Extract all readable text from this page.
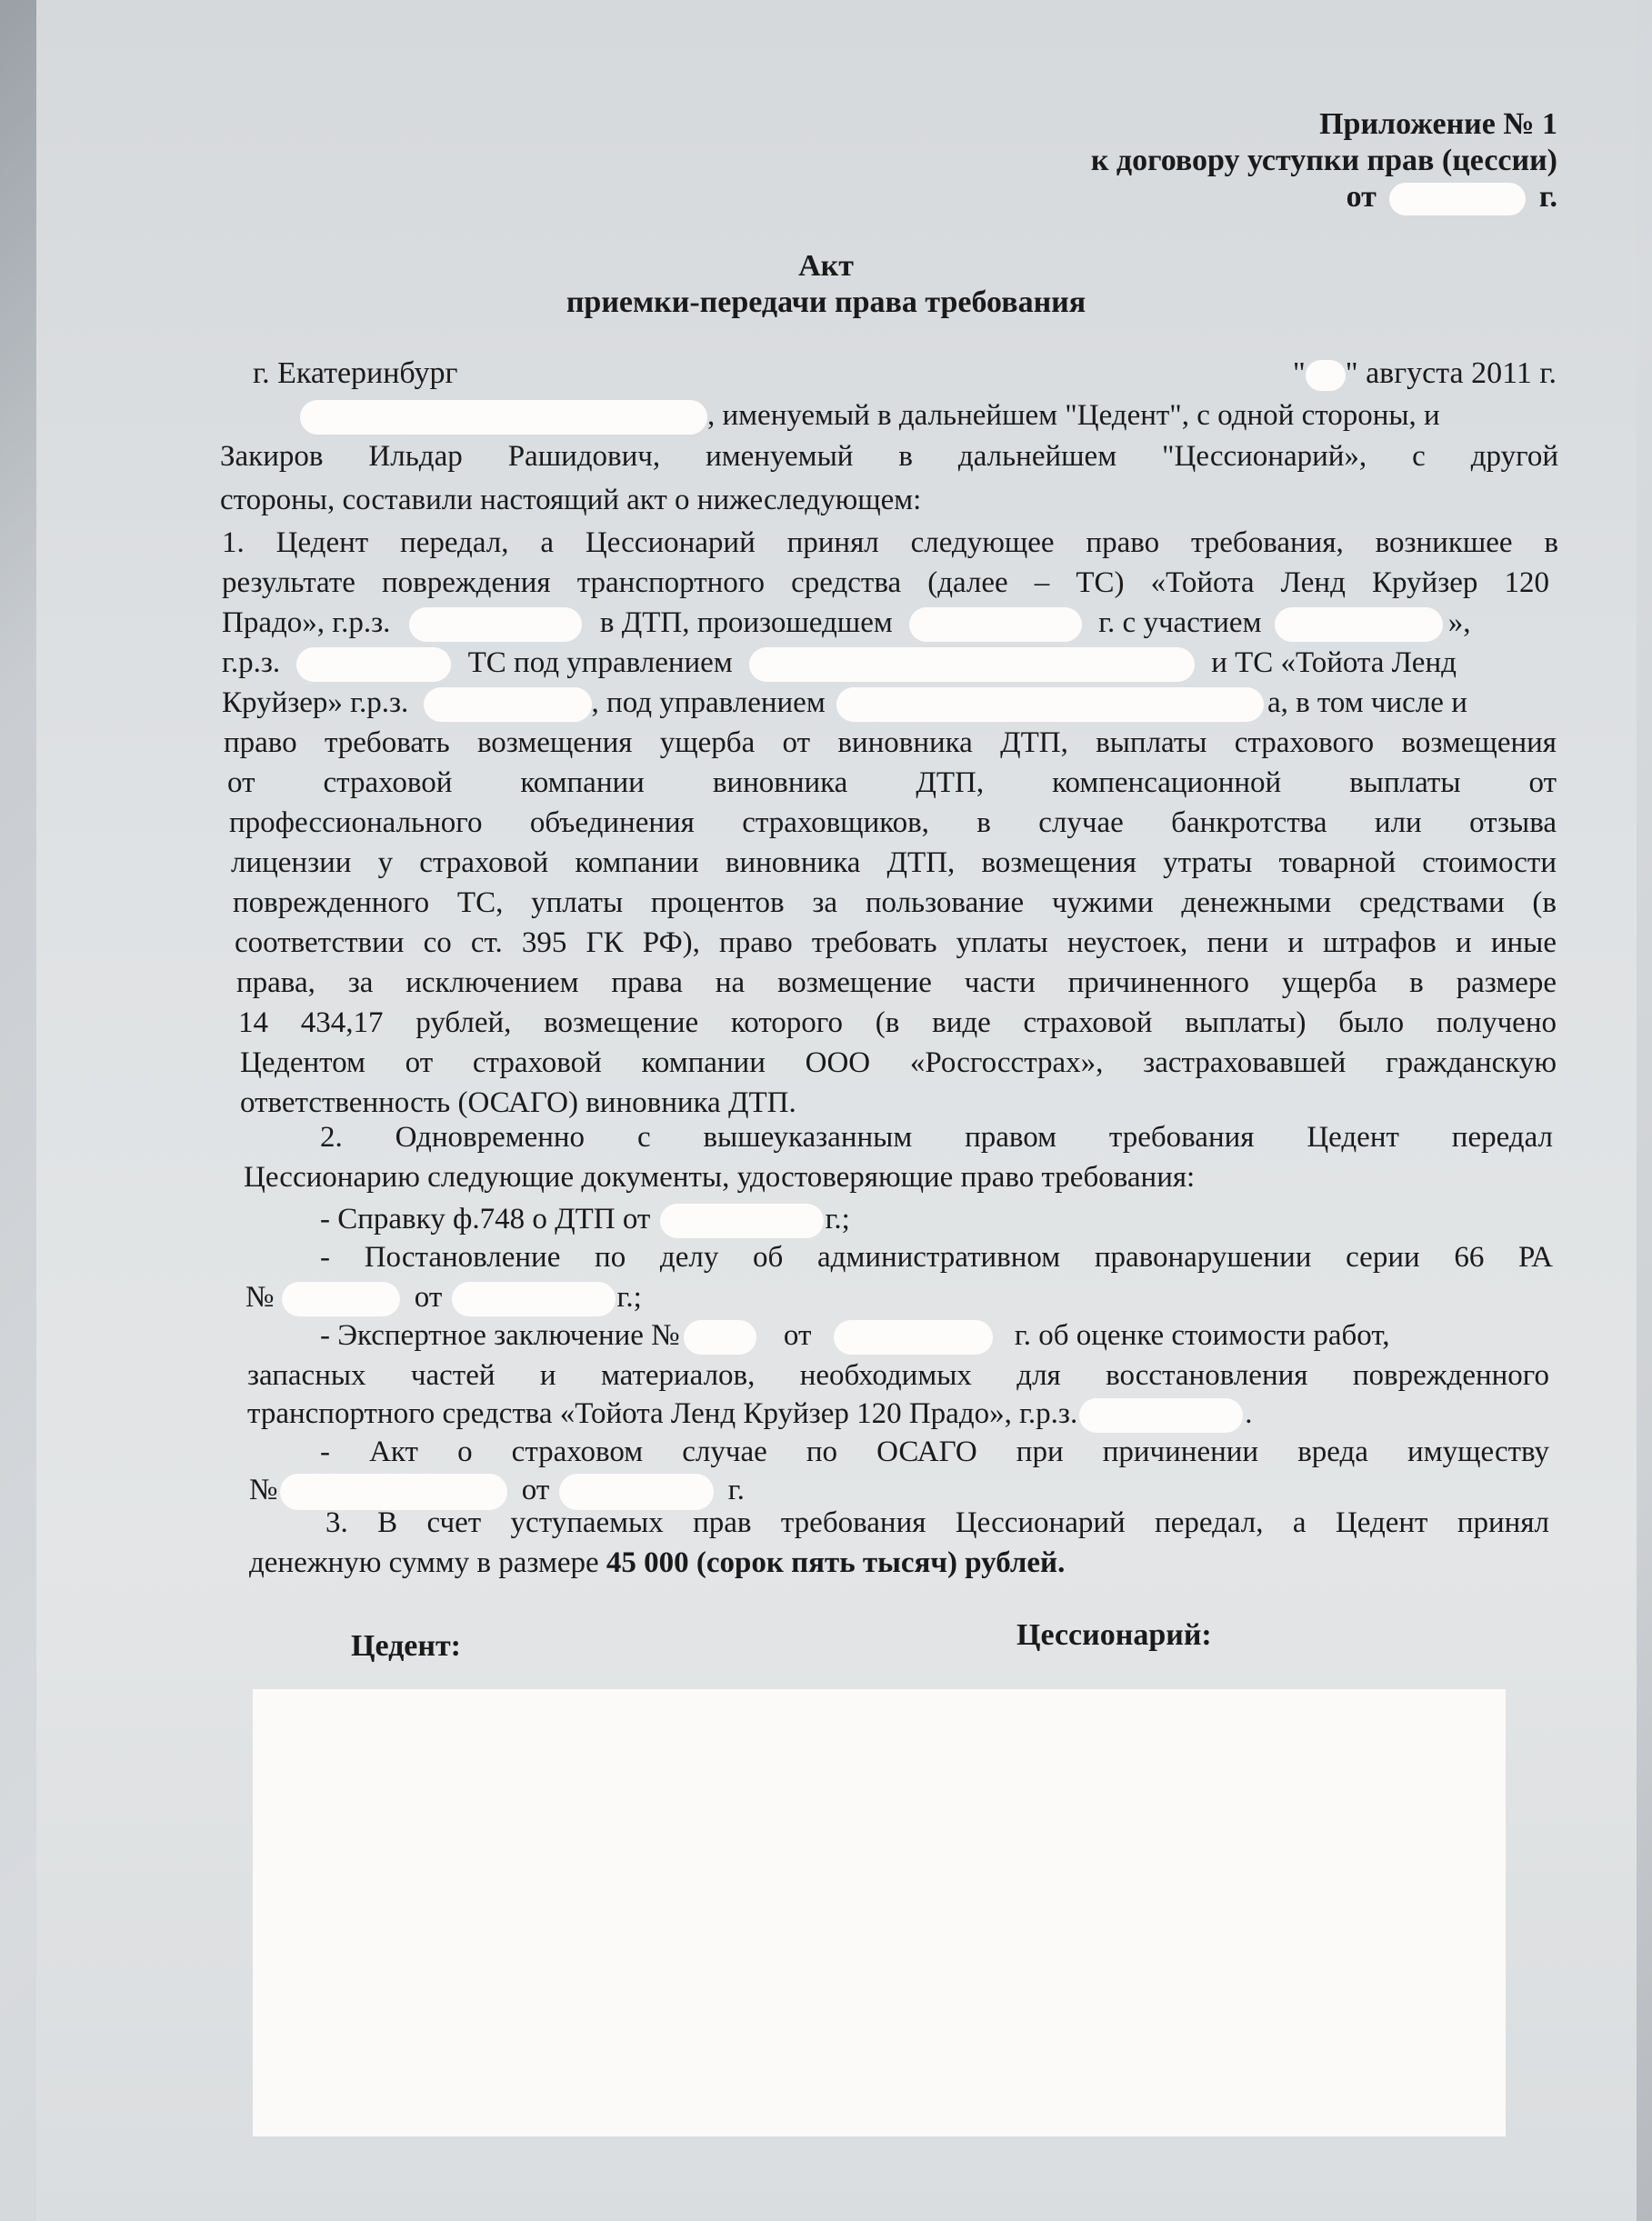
Приложение № 1
к договору уступки прав (цессии)
от	г.
Акт
приемки-передачи права требования
г. Екатеринбург	" " августа 2011 г.
, именуемый в дальнейшем "Цедент", с одной стороны, и
Закиров Ильдар Рашидович, именуемый в дальнейшем "Цессионарий», с другой
стороны, составили настоящий акт о нижеследующем:
1. Цедент передал, а Цессионарий принял следующее право требования, возникшее в
результате повреждения транспортного средства (далее – ТС) «Тойота Ленд Круйзер 120
Прадо», г.р.з.	в ДТП, произошедшем	г. с участием	»,
г.р.з.	ТС под управлением	и ТС «Тойота Ленд
Круйзер» г.р.з.	, под управлением	а, в том числе и
право требовать возмещения ущерба от виновника ДТП, выплаты страхового возмещения
от страховой компании виновника ДТП, компенсационной выплаты от
профессионального объединения страховщиков, в случае банкротства или отзыва
лицензии у страховой компании виновника ДТП, возмещения утраты товарной стоимости
поврежденного ТС, уплаты процентов за пользование чужими денежными средствами (в
соответствии со ст. 395 ГК РФ), право требовать уплаты неустоек, пени и штрафов и иные
права, за исключением права на возмещение части причиненного ущерба в размере
14 434,17 рублей, возмещение которого (в виде страховой выплаты) было получено
Цедентом от страховой компании ООО «Росгосстрах», застраховавшей гражданскую
ответственность (ОСАГО) виновника ДТП.
2. Одновременно с вышеуказанным правом требования Цедент передал
Цессионарию следующие документы, удостоверяющие право требования:
- Справку ф.748 о ДТП от	г.;
- Постановление по делу об административном правонарушении серии 66 РА
№	от	г.;
- Экспертное заключение №	от	г. об оценке стоимости работ,
запасных частей и материалов, необходимых для восстановления поврежденного
транспортного средства «Тойота Ленд Круйзер 120 Прадо», г.р.з.	.
- Акт о страховом случае по ОСАГО при причинении вреда имуществу
№	от	г.
3. В счет уступаемых прав требования Цессионарий передал, а Цедент принял
денежную сумму в размере 45 000 (сорок пять тысяч) рублей.
Цедент:	Цессионарий:
